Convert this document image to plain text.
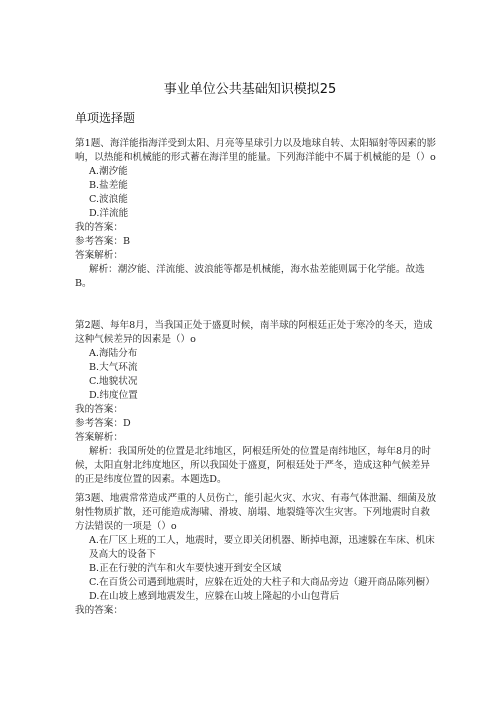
事业单位公共基础知识模拟25
单项选择题

第1题、海洋能指海洋受到太阳、月亮等星球引力以及地球自转、太阳辐射等因素的影响，以热能和机械能的形式蓄在海洋里的能量。下列海洋能中不属于机械能的是（）o

A.潮汐能

B.盐差能

C.波浪能

D.洋流能

我的答案：

参考答案：B

答案解析：

解析：潮汐能、洋流能、波浪能等都是机械能，海水盐差能则属于化学能。故选B。

第2题、每年8月，当我国正处于盛夏时候，南半球的阿根廷正处于寒冷的冬天，造成这种气候差异的因素是（）o

A.海陆分布

B.大气环流

C.地貌状况

D.纬度位置

我的答案：

参考答案：D

答案解析：

解析：我国所处的位置是北纬地区，阿根廷所处的位置是南纬地区，每年8月的时候，太阳直射北纬度地区，所以我国处于盛夏，阿根廷处于严冬，造成这种气候差异的正是纬度位置的因素。本题选D。

第3题、地震常常造成严重的人员伤亡，能引起火灾、水灾、有毒气体泄漏、细菌及放射性物质扩散，还可能造成海啸、滑坡、崩塌、地裂缝等次生灾害。下列地震时自救方法错误的一项是（）o

A.在厂区上班的工人，地震时，要立即关闭机器、断掉电源，迅速躲在车床、机床及高大的设备下

B.正在行驶的汽车和火车要快速开到安全区域

C.在百货公司遇到地震时，应躲在近处的大柱子和大商品旁边（避开商品陈列橱）

D.在山坡上感到地震发生，应躲在山坡上隆起的小山包背后

我的答案：
